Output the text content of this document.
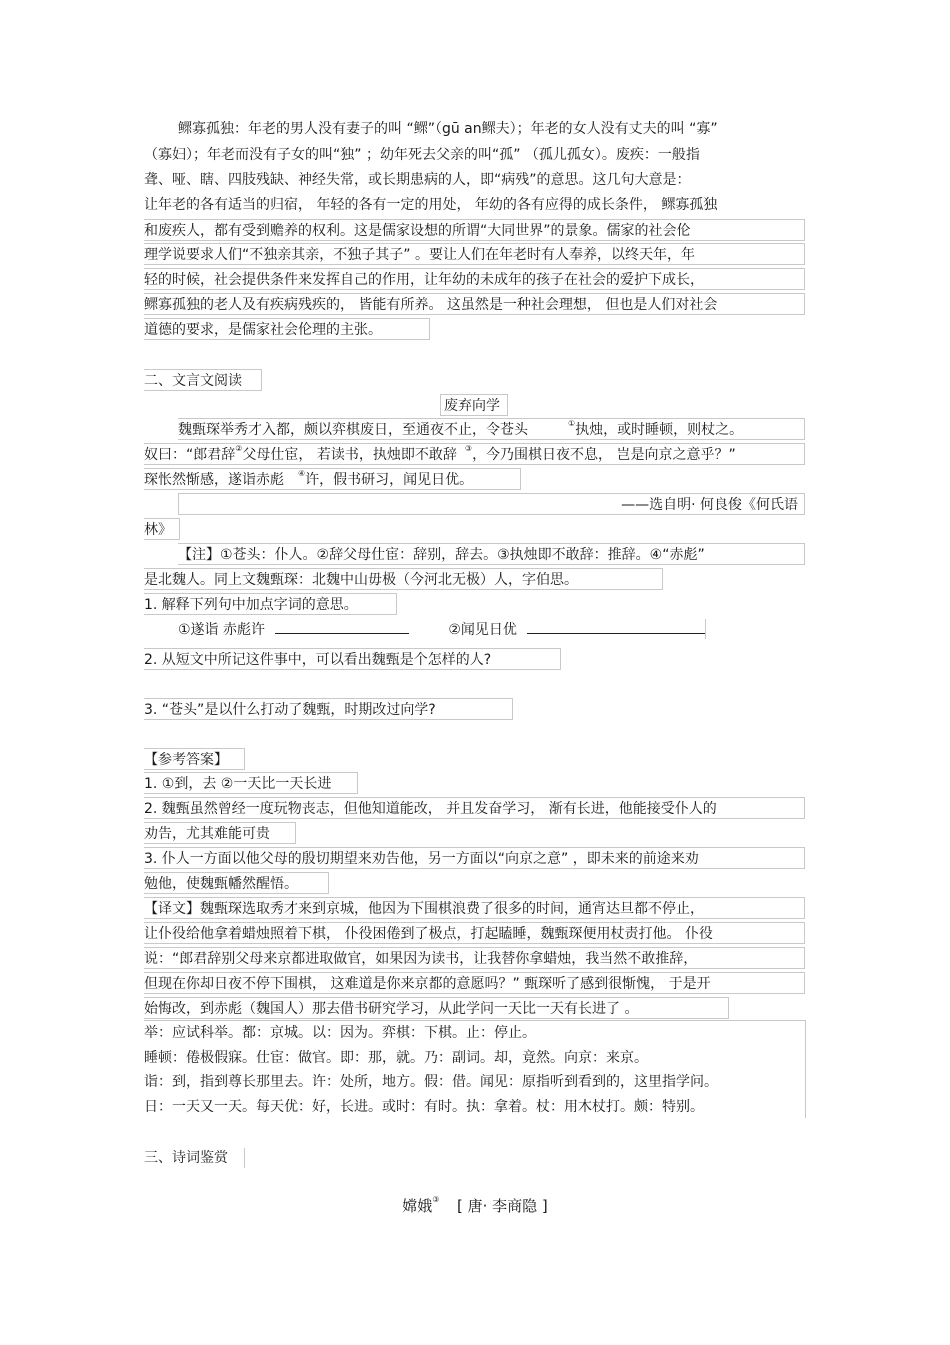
鳏寡孤独：年老的男人没有妻子的叫 “鳏”（gū an鳏夫）；年老的女人没有丈夫的叫 “寡”
（寡妇）；年老而没有子女的叫“独” ；幼年死去父亲的叫“孤” （孤儿孤女）。废疾：一般指
聋、哑、瞎、四肢残缺、神经失常，或长期患病的人，即“病残”的意思。这几句大意是：
让年老的各有适当的归宿， 年轻的各有一定的用处， 年幼的各有应得的成长条件， 鳏寡孤独
和废疾人，都有受到赡养的权利。这是儒家设想的所谓“大同世界”的景象。儒家的社会伦
理学说要求人们“不独亲其亲，不独子其子” 。要让人们在年老时有人奉养，以终天年，年
轻的时候，社会提供条件来发挥自己的作用，让年幼的未成年的孩子在社会的爱护下成长，
鳏寡孤独的老人及有疾病残疾的， 皆能有所养。 这虽然是一种社会理想， 但也是人们对社会
道德的要求，是儒家社会伦理的主张。
二、文言文阅读
废弃向学
魏甄琛举秀才入都，颇以弈棋废日，至通夜不止，令苍头	①执烛，或时睡顿，则杖之。
奴曰：“郎君辞②父母仕宦， 若读书，执烛即不敢辞 ③，今乃围棋日夜不息， 岂是向京之意乎？”
琛怅然惭感，遂诣赤彪 ④许，假书研习，闻见日优。
——选自明· 何良俊《何氏语
林》
【注】①苍头：仆人。②辞父母仕宦：辞别，辞去。③执烛即不敢辞：推辞。④“赤彪”
是北魏人。同上文魏甄琛：北魏中山毋极（今河北无极）人，字伯思。
1. 解释下列句中加点字词的意思。
①遂诣 赤彪许	②闻见日优
2. 从短文中所记这件事中，可以看出魏甄是个怎样的人?
3. “苍头”是以什么打动了魏甄，时期改过向学?
【参考答案】
1. ①到，去 ②一天比一天长进
2. 魏甄虽然曾经一度玩物丧志，但他知道能改， 并且发奋学习， 渐有长进，他能接受仆人的
劝告，尤其难能可贵
3. 仆人一方面以他父母的殷切期望来劝告他，另一方面以“向京之意” ，即未来的前途来劝
勉他，使魏甄幡然醒悟。
【译文】魏甄琛选取秀才来到京城，他因为下围棋浪费了很多的时间，通宵达旦都不停止，
让仆役给他拿着蜡烛照着下棋， 仆役困倦到了极点，打起瞌睡，魏甄琛便用杖责打他。 仆役
说：“郎君辞别父母来京都进取做官，如果因为读书，让我替你拿蜡烛，我当然不敢推辞，
但现在你却日夜不停下围棋， 这难道是你来京都的意愿吗？” 甄琛听了感到很惭愧， 于是开
始悔改，到赤彪（魏国人）那去借书研究学习，从此学问一天比一天有长进了 。
举：应试科举。都：京城。以：因为。弈棋：下棋。止：停止。
睡顿：倦极假寐。仕宦：做官。即：那，就。乃：副词。却，竟然。向京：来京。
诣：到，指到尊长那里去。许：处所，地方。假：借。闻见：原指听到看到的，这里指学问。
日：一天又一天。每天优：好，长进。或时：有时。执：拿着。杖：用木杖打。颇：特别。
三、诗词鉴赏
嫦娥③ [ 唐· 李商隐 ]
